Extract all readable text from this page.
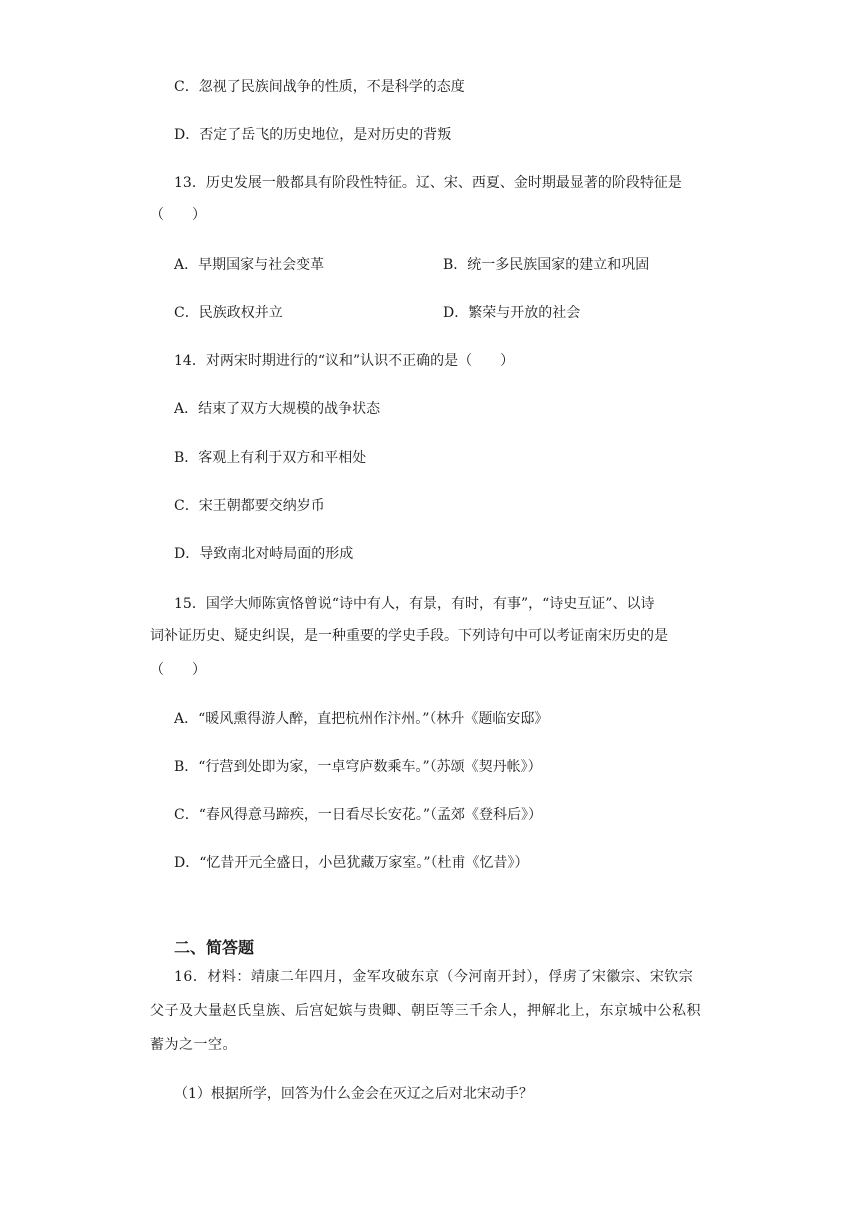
C．忽视了民族间战争的性质，不是科学的态度
D．否定了岳飞的历史地位，是对历史的背叛
13．历史发展一般都具有阶段性特征。辽、宋、西夏、金时期最显著的阶段特征是
（　　）
A．早期国家与社会变革	B．统一多民族国家的建立和巩固
C．民族政权并立	D．繁荣与开放的社会
14．对两宋时期进行的“议和”认识不正确的是（　　）
A．结束了双方大规模的战争状态
B．客观上有利于双方和平相处
C．宋王朝都要交纳岁币
D．导致南北对峙局面的形成
15．国学大师陈寅恪曾说“诗中有人，有景，有时，有事”，“诗史互证”、以诗
词补证历史、疑史纠误，是一种重要的学史手段。下列诗句中可以考证南宋历史的是
（　　）
A．“暖风熏得游人醉，直把杭州作汴州。”（林升《题临安邸》
B．“行营到处即为家，一卓穹庐数乘车。”（苏颂《契丹帐》）
C．“春风得意马蹄疾，一日看尽长安花。”（孟郊《登科后》）
D．“忆昔开元全盛日，小邑犹藏万家室。”（杜甫《忆昔》）
二、简答题
16．材料：靖康二年四月，金军攻破东京（今河南开封），俘虏了宋徽宗、宋钦宗
父子及大量赵氏皇族、后宫妃嫔与贵卿、朝臣等三千余人，押解北上，东京城中公私积
蓄为之一空。
（1）根据所学，回答为什么金会在灭辽之后对北宋动手？
